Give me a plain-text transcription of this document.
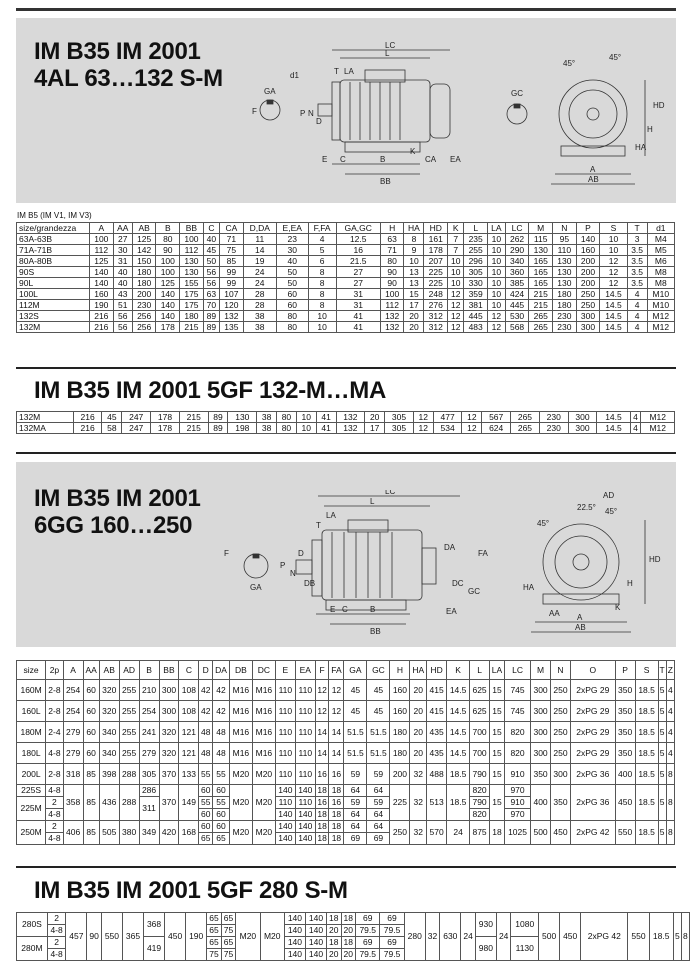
IM B35 IM 2001
4AL 63…132 S-M
LC
L
T LA
d1
GA
F	P N
D
E C	B
BB
K
CA EA
GC
A
AB
HA
H
HD
45°
45°
IM B5 (IM V1, IM V3)
size/grandezza	A	AA	AB	B	BB	C	CA	D,DA	E,EA	F,FA	GA,GC	H	HA	HD	K	L	LA	LC	M	N	P	S	T	d1
63A-63B	100	27	125	80	100	40	71	11	23	4	12.5	63	8	161	7	235	10	262	115	95	140	10	3	M4
71A-71B	112	30	142	90	112	45	75	14	30	5	16	71	9	178	7	255	10	290	130	110	160	10	3.5	M5
80A-80B	125	31	150	100	130	50	85	19	40	6	21.5	80	10	207	10	296	10	340	165	130	200	12	3.5	M6
90S	140	40	180	100	130	56	99	24	50	8	27	90	13	225	10	305	10	360	165	130	200	12	3.5	M8
90L	140	40	180	125	155	56	99	24	50	8	27	90	13	225	10	330	10	385	165	130	200	12	3.5	M8
100L	160	43	200	140	175	63	107	28	60	8	31	100	15	248	12	359	10	424	215	180	250	14.5	4	M10
112M	190	51	230	140	175	70	120	28	60	8	31	112	17	276	12	381	10	445	215	180	250	14.5	4	M10
132S	216	56	256	140	180	89	132	38	80	10	41	132	20	312	12	445	12	530	265	230	300	14.5	4	M12
132M	216	56	256	178	215	89	135	38	80	10	41	132	20	312	12	483	12	568	265	230	300	14.5	4	M12
IM B35 IM 2001 5GF 132-M…MA
132M	216	45	247	178	215	89	130	38	80	10	41	132	20	305	12	477	12	567	265	230	300	14.5	4	M12
132MA	216	58	247	178	215	89	198	38	80	10	41	132	17	305	12	534	12	624	265	230	300	14.5	4	M12
IM B35 IM 2001
6GG 160…250
LC
L
LA
T
F	D
P
N
DB
E C	B
BB
GA
DA
DC
FA
GC
EA
AD
22.5°
45°
45°
HA	H
HD
AA A
AB
K
size	2p	A	AA	AB	AD	B	BB	C	D	DA	DB	DC	E	EA	F	FA	GA	GC	H	HA	HD	K	L	LA	LC	M	N	O	P	S	T	Z
160M	2-8	254	60	320	255	210	300	108	42	42	M16	M16	110	110	12	12	45	45	160	20	415	14.5	625	15	745	300	250	2xPG 29	350	18.5	5	4
160L	2-8	254	60	320	255	254	300	108	42	42	M16	M16	110	110	12	12	45	45	160	20	415	14.5	625	15	745	300	250	2xPG 29	350	18.5	5	4
180M	2-4	279	60	340	255	241	320	121	48	48	M16	M16	110	110	14	14	51.5	51.5	180	20	435	14.5	700	15	820	300	250	2xPG 29	350	18.5	5	4
180L	4-8	279	60	340	255	279	320	121	48	48	M16	M16	110	110	14	14	51.5	51.5	180	20	435	14.5	700	15	820	300	250	2xPG 29	350	18.5	5	4
200L	2-8	318	85	398	288	305	370	133	55	55	M20	M20	110	110	16	16	59	59	200	32	488	18.5	790	15	910	350	300	2xPG 36	400	18.5	5	8
225S	4-8	358	85	436	288	286	370	149	60	60	M20	M20	140	140	18	18	64	64	225	32	513	18.5	820	15	970	400	350	2xPG 36	450	18.5	5	8
225M	2					311			55	55			110	110	16	16	59	59					790		910							
	4-8								60	60			140	140	18	18	64	64					820		970							
250M	2	406	85	505	380	349	420	168	60	60	M20	M20	140	140	18	18	64	64	250	32	570	24	875	18	1025	500	450	2xPG 42	550	18.5	5	8
	4-8								65	65			140	140	18	18	69	69														
IM B35 IM 2001 5GF 280 S-M
280S	2	457	90	550	365	368	450	190	65	65	M20	M20	140	140	18	18	69	69	280	32	630	24	930	24	1080	500	450	2xPG 42	550	18.5	5	8
	4-8								65	75			140	140	20	20	79.5	79.5														
280M	2					419			65	65			140	140	18	18	69	69					980		1130							
	4-8								75	75			140	140	20	20	79.5	79.5														
